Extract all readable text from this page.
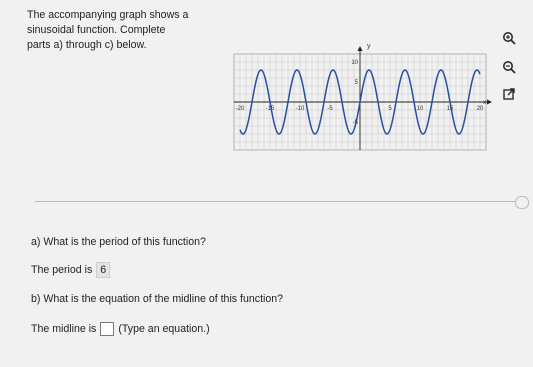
The accompanying graph shows a
sinusoidal function. Complete
parts a) through c) below.	y
x
10
5
-5
-20	-15	-10	-5	5	10	15	20
a) What is the period of this function?
The period is 6
b) What is the equation of the midline of this function?
The midline is (Type an equation.)
